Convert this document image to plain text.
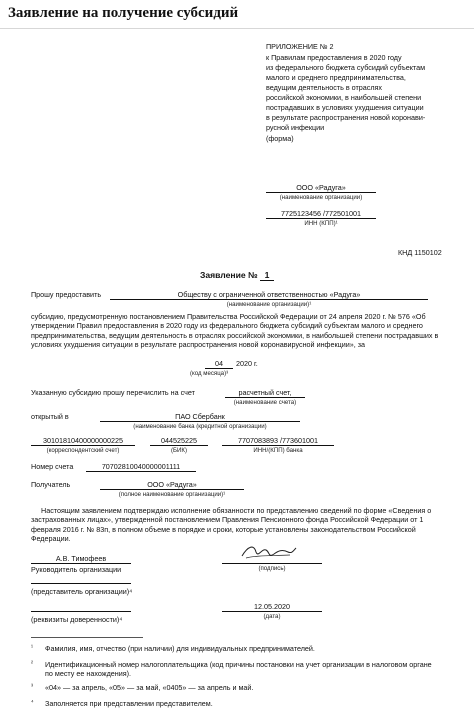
Заявление на получение субсидий
ПРИЛОЖЕНИЕ № 2
к Правилам предоставления в 2020 году
из федерального бюджета субсидий субъектам
малого и среднего предпринимательства,
ведущим деятельность в отраслях
российской экономики, в наибольшей степени
пострадавших в условиях ухудшения ситуации
в результате распространения новой коронави-
русной инфекции
(форма)
ООО «Радуга»
(наименование организации)
7725123456 /772501001
ИНН (КПП)¹
КНД 1150102
Заявление № 1
Прошу предоставить	Обществу с ограниченной ответственностью «Радуга»
(наименование организации)¹
субсидию, предусмотренную постановлением Правительства Российской Федерации от 24 апреля 2020 г. № 576 «Об утверждении Правил предоставления в 2020 году из федерального бюджета субсидий субъектам малого и среднего предпринимательства, ведущим деятельность в отраслях российской экономики, в наибольшей степени пострадавших в условиях ухудшения ситуации в результате распространения новой коронавирусной инфекции», за
04	2020 г.
(код месяца)³
Указанную субсидию прошу перечислить на счет	расчетный счет,
(наименование счета)
открытый в	ПАО Сбербанк
(наименование банка (кредитной организации)
30101810400000000225
(корреспондентский счет)
044525225
(БИК)
7707083893 /773601001
ИНН/(КПП) банка
Номер счета	70702810040000001111
Получатель	ООО «Радуга»
(полное наименование организации)¹
Настоящим заявлением подтверждаю исполнение обязанности по представлению сведений по форме «Сведения о застрахованных лицах», утвержденной постановлением Правления Пенсионного фонда Российской Федерации от 1 февраля 2016 г. № 83п, в полном объеме в порядке и сроки, которые установлены законодательством Российской Федерации.
А.В. Тимофеев
Руководитель организации	(подпись)
(представитель организации)⁴
12.05.2020
(дата)
(реквизиты доверенности)⁴
¹ Фамилия, имя, отчество (при наличии) для индивидуальных предпринимателей.
² Идентификационный номер налогоплательщика (код причины постановки на учет организации в налоговом органе по месту ее нахождения).
³ «04» — за апрель, «05» — за май, «0405» — за апрель и май.
⁴ Заполняется при представлении представителем.
